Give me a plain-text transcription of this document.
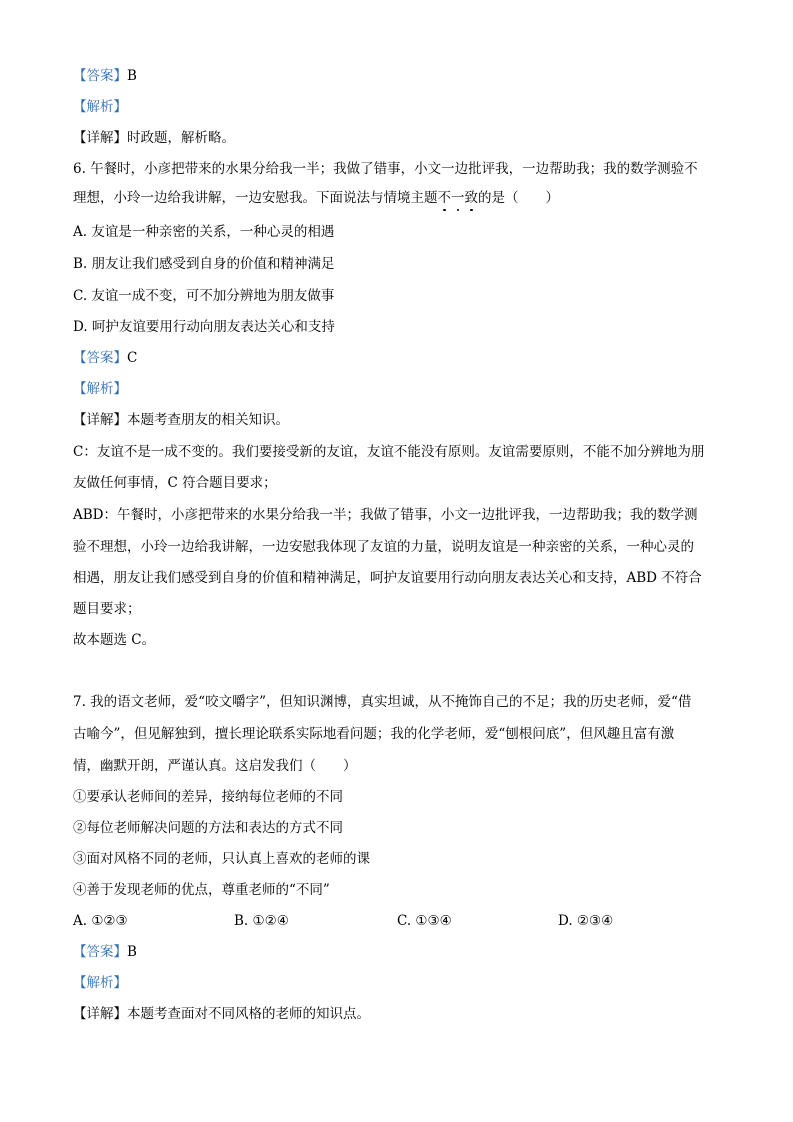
【答案】B
【解析】
【详解】时政题，解析略。
6. 午餐时，小彦把带来的水果分给我一半；我做了错事，小文一边批评我，一边帮助我；我的数学测验不
理想，小玲一边给我讲解，一边安慰我。下面说法与情境主题不一致的是（　　）
A. 友谊是一种亲密的关系，一种心灵的相遇
B. 朋友让我们感受到自身的价值和精神满足
C. 友谊一成不变，可不加分辨地为朋友做事
D. 呵护友谊要用行动向朋友表达关心和支持
【答案】C
【解析】
【详解】本题考查朋友的相关知识。
C：友谊不是一成不变的。我们要接受新的友谊，友谊不能没有原则。友谊需要原则，不能不加分辨地为朋
友做任何事情，C 符合题目要求；
ABD：午餐时，小彦把带来的水果分给我一半；我做了错事，小文一边批评我，一边帮助我；我的数学测
验不理想，小玲一边给我讲解，一边安慰我体现了友谊的力量，说明友谊是一种亲密的关系，一种心灵的
相遇，朋友让我们感受到自身的价值和精神满足，呵护友谊要用行动向朋友表达关心和支持，ABD 不符合
题目要求；
故本题选 C。
7. 我的语文老师，爱“咬文嚼字”，但知识渊博，真实坦诚，从不掩饰自己的不足；我的历史老师，爱“借
古喻今”，但见解独到，擅长理论联系实际地看问题；我的化学老师，爱“刨根问底”，但风趣且富有激
情，幽默开朗，严谨认真。这启发我们（　　）
①要承认老师间的差异，接纳每位老师的不同
②每位老师解决问题的方法和表达的方式不同
③面对风格不同的老师，只认真上喜欢的老师的课
④善于发现老师的优点，尊重老师的“不同”
A. ①②③	B. ①②④	C. ①③④	D. ②③④
【答案】B
【解析】
【详解】本题考查面对不同风格的老师的知识点。
